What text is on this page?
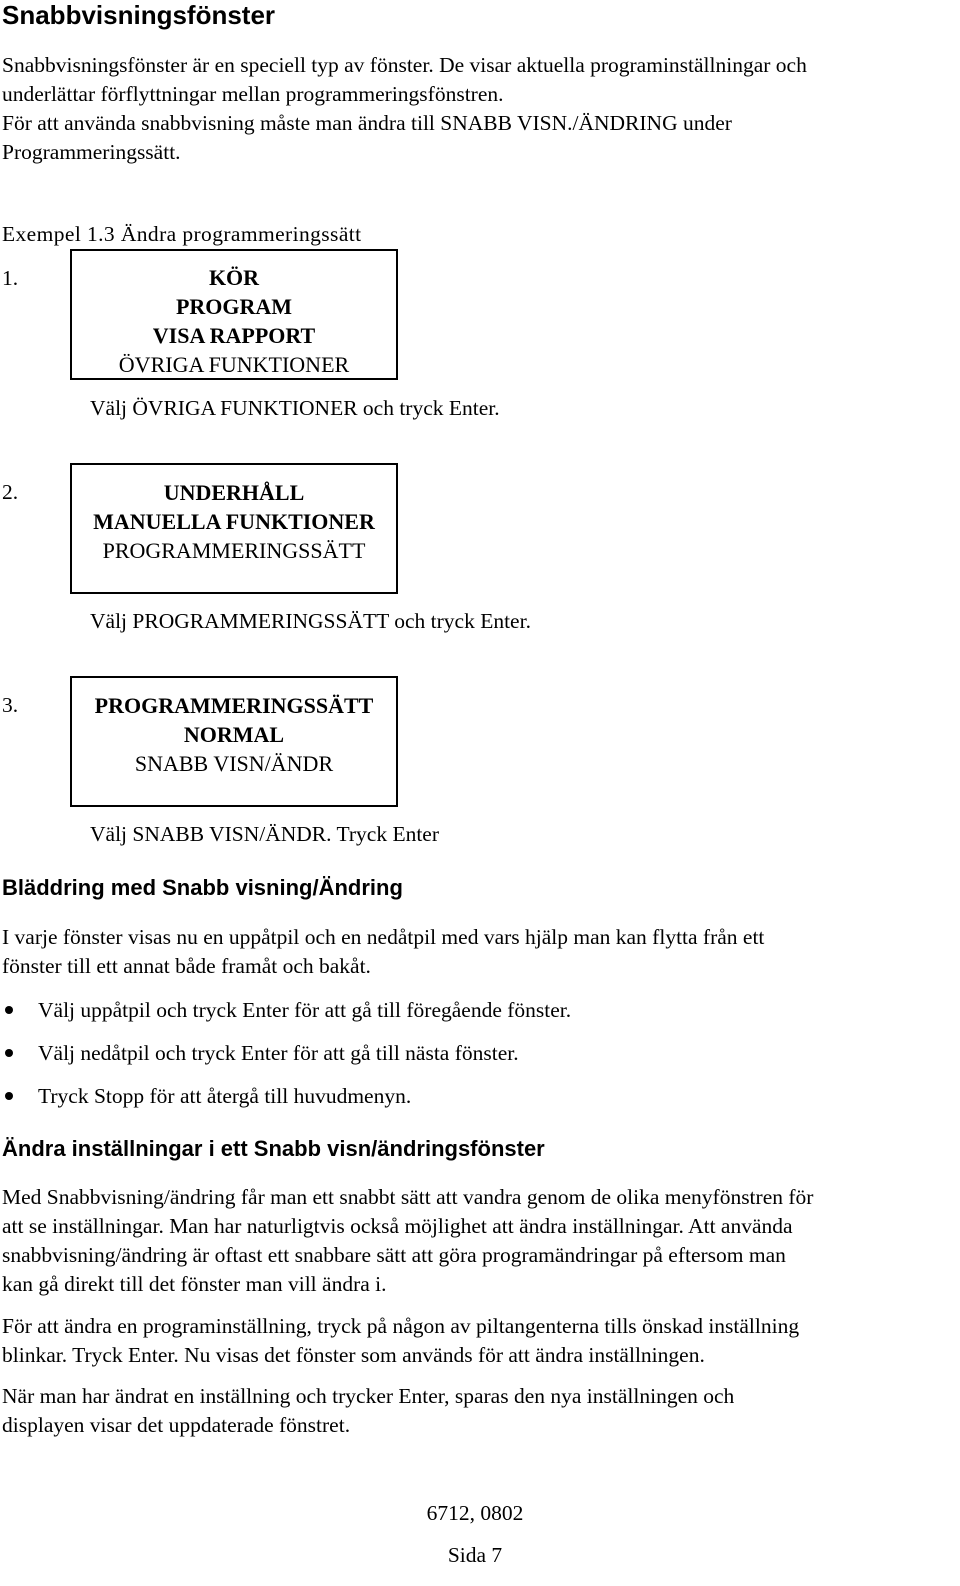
Snabbvisningsfönster
Snabbvisningsfönster är en speciell typ av fönster. De visar aktuella programinställningar och
underlättar förflyttningar mellan programmeringsfönstren.
För att använda snabbvisning måste man ändra till SNABB VISN./ÄNDRING under
Programmeringssätt.
Exempel 1.3 Ändra programmeringssätt
1.	KÖR
PROGRAM
VISA RAPPORT
ÖVRIGA FUNKTIONER
Välj ÖVRIGA FUNKTIONER och tryck Enter.
2.	UNDERHÅLL
MANUELLA FUNKTIONER
PROGRAMMERINGSSÄTT
Välj PROGRAMMERINGSSÄTT och tryck Enter.
3.	PROGRAMMERINGSSÄTT
NORMAL
SNABB VISN/ÄNDR
Välj SNABB VISN/ÄNDR. Tryck Enter
Bläddring med Snabb visning/Ändring
I varje fönster visas nu en uppåtpil och en nedåtpil med vars hjälp man kan flytta från ett
fönster till ett annat både framåt och bakåt.
Välj uppåtpil och tryck Enter för att gå till föregående fönster.
Välj nedåtpil och tryck Enter för att gå till nästa fönster.
Tryck Stopp för att återgå till huvudmenyn.
Ändra inställningar i ett Snabb visn/ändringsfönster
Med Snabbvisning/ändring får man ett snabbt sätt att vandra genom de olika menyfönstren för
att se inställningar. Man har naturligtvis också möjlighet att ändra inställningar. Att använda
snabbvisning/ändring är oftast ett snabbare sätt att göra programändringar på eftersom man
kan gå direkt till det fönster man vill ändra i.
För att ändra en programinställning, tryck på någon av piltangenterna tills önskad inställning
blinkar. Tryck Enter. Nu visas det fönster som används för att ändra inställningen.
När man har ändrat en inställning och trycker Enter, sparas den nya inställningen och
displayen visar det uppdaterade fönstret.
6712, 0802
Sida 7
